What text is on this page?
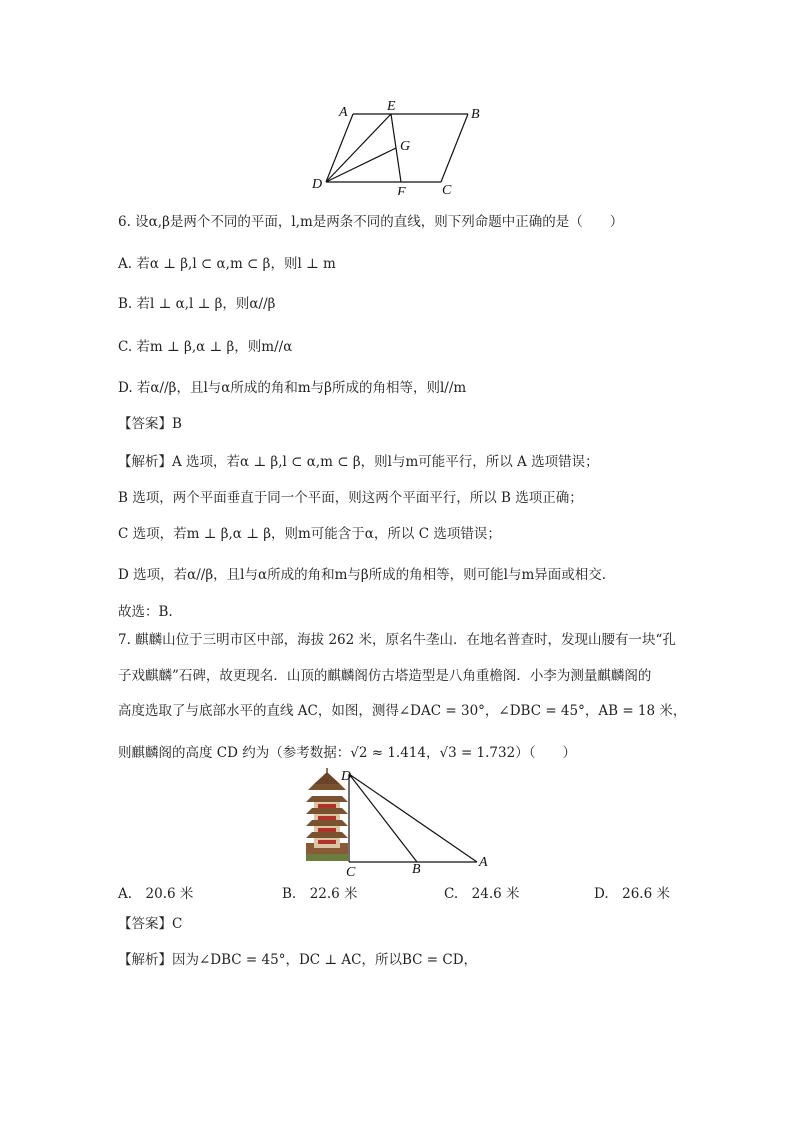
A	E
B
G
D
F	C
6. 设α,β是两个不同的平面，l,m是两条不同的直线，则下列命题中正确的是（　　）
A. 若α ⊥ β,l ⊂ α,m ⊂ β，则l ⊥ m
B. 若l ⊥ α,l ⊥ β，则α//β
C. 若m ⊥ β,α ⊥ β，则m//α
D. 若α//β，且l与α所成的角和m与β所成的角相等，则l//m
【答案】B
【解析】A 选项，若α ⊥ β,l ⊂ α,m ⊂ β，则l与m可能平行，所以 A 选项错误；
B 选项，两个平面垂直于同一个平面，则这两个平面平行，所以 B 选项正确；
C 选项，若m ⊥ β,α ⊥ β，则m可能含于α，所以 C 选项错误；
D 选项，若α//β，且l与α所成的角和m与β所成的角相等，则可能l与m异面或相交.
故选：B.
7. 麒麟山位于三明市区中部，海拔 262 米，原名牛垄山．在地名普查时，发现山腰有一块“孔
子戏麒麟”石碑，故更现名．山顶的麒麟阁仿古塔造型是八角重檐阁．小李为测量麒麟阁的
高度选取了与底部水平的直线 AC，如图，测得∠DAC = 30°，∠DBC = 45°，AB = 18 米，
则麒麟阁的高度 CD 约为（参考数据：√2 ≈ 1.414，√3 = 1.732）（　　）
D
C	B	A
A.　20.6 米	B.　22.6 米	C.　24.6 米	D.　26.6 米
【答案】C
【解析】因为∠DBC = 45°，DC ⊥ AC，所以BC = CD，
